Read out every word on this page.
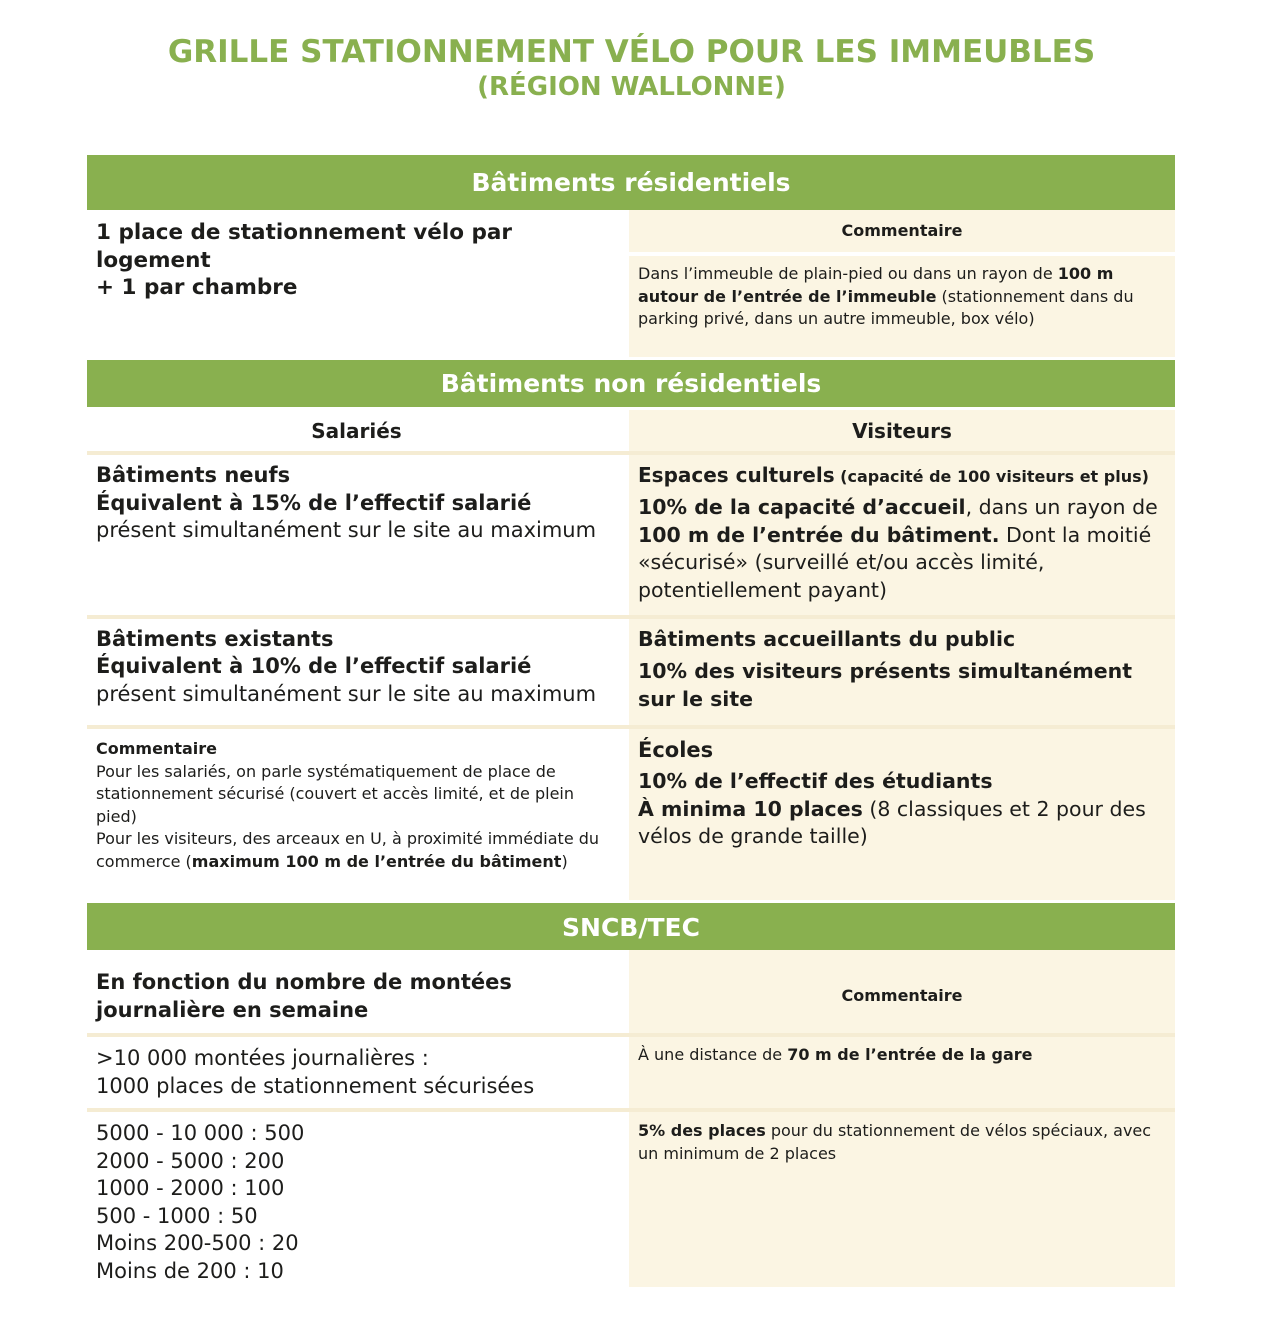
GRILLE STATIONNEMENT VÉLO POUR LES IMMEUBLES
(RÉGION WALLONNE)
Bâtiments résidentiels
1 place de stationnement vélo par logement
+ 1 par chambre
Commentaire
Dans l’immeuble de plain-pied ou dans un rayon de 100 m autour de l’entrée de l’immeuble (stationnement dans du parking privé, dans un autre immeuble, box vélo)
Bâtiments non résidentiels
Salariés	Visiteurs
Bâtiments neufs
Équivalent à 15% de l’effectif salarié présent simultanément sur le site au maximum
Espaces culturels (capacité de 100 visiteurs et plus)
10% de la capacité d’accueil, dans un rayon de 100 m de l’entrée du bâtiment. Dont la moitié «sécurisé» (surveillé et/ou accès limité, potentiellement payant)
Bâtiments existants
Équivalent à 10% de l’effectif salarié présent simultanément sur le site au maximum
Bâtiments accueillants du public
10% des visiteurs présents simultanément sur le site
Commentaire
Pour les salariés, on parle systématiquement de place de stationnement sécurisé (couvert et accès limité, et de plein pied)
Pour les visiteurs, des arceaux en U, à proximité immédiate du commerce (maximum 100 m de l’entrée du bâtiment)
Écoles
10% de l’effectif des étudiants
À minima 10 places (8 classiques et 2 pour des vélos de grande taille)
SNCB/TEC
En fonction du nombre de montées
journalière en semaine
Commentaire
>10 000 montées journalières :
1000 places de stationnement sécurisées
À une distance de 70 m de l’entrée de la gare
5000 - 10 000 : 500
2000 - 5000 : 200
1000 - 2000 : 100
500 - 1000 : 50
Moins 200-500 : 20
Moins de 200 : 10
5% des places pour du stationnement de vélos spéciaux, avec un minimum de 2 places
